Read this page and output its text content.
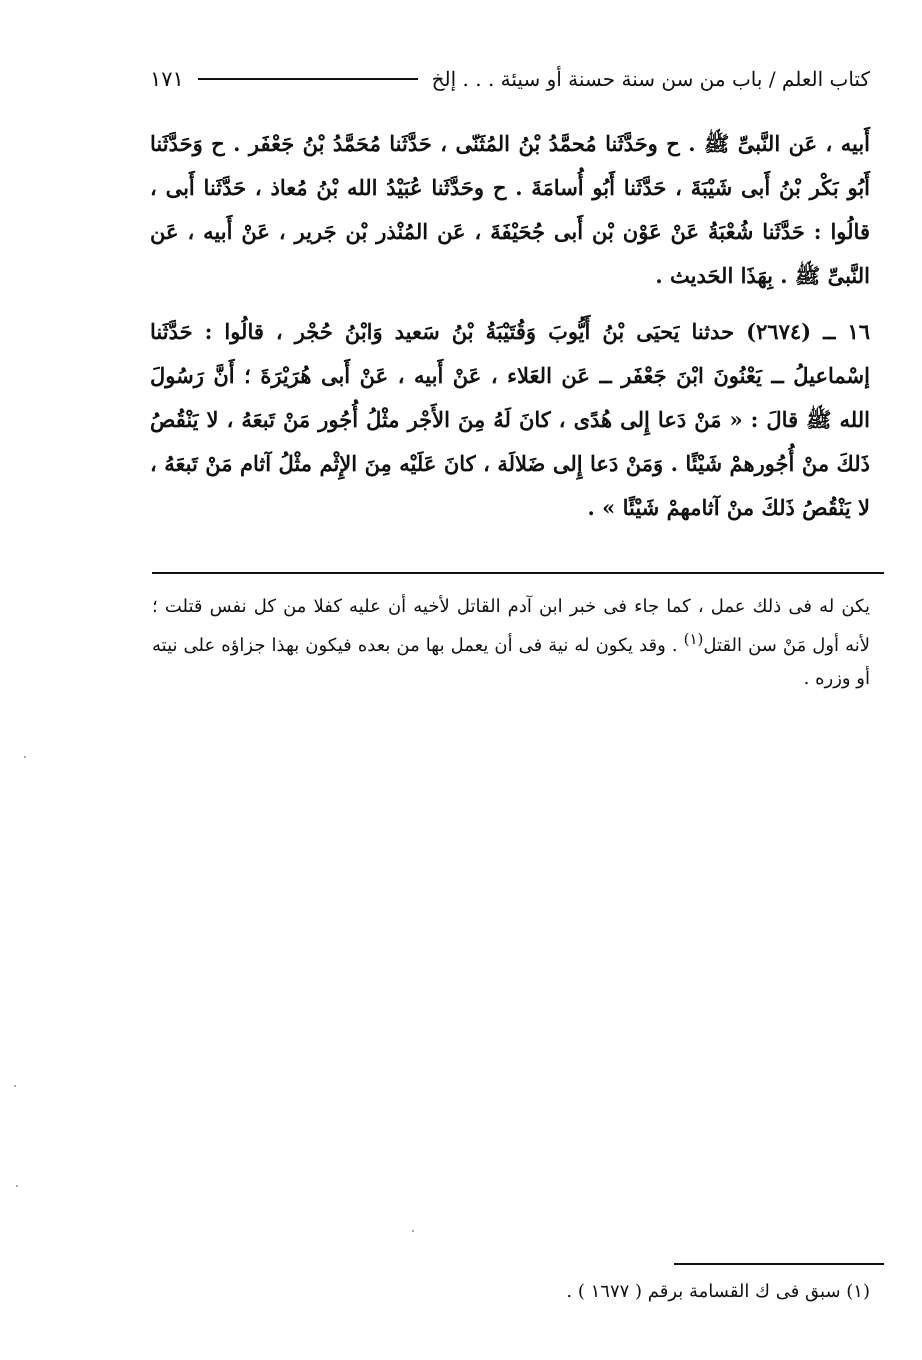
كتاب العلم / باب من سن سنة حسنة أو سيئة . . . إلخ
١٧١

أَبيه ، عَن النَّبىِّ ﷺ . ح وحَدَّثَنا مُحمَّدُ بْنُ المُثَنّى ، حَدَّثَنا مُحَمَّدُ بْنُ جَعْفَر . ح وَحَدَّثَنا أَبُو بَكْر بْنُ أَبى شَيْبَةَ ، حَدَّثَنا أَبُو أُسامَةَ . ح وحَدَّثَنا عُبَيْدُ الله بْنُ مُعاذ ، حَدَّثَنا أَبى ، قالُوا : حَدَّثَنا شُعْبَةُ عَنْ عَوْن بْن أَبى جُحَيْفَةَ ، عَن المُنْذر بْن جَرير ، عَنْ أَبيه ، عَن النَّبىِّ ﷺ . بِهَذَا الحَديث .

١٦ ــ (٢٦٧٤) حدثنا يَحيَى بْنُ أَيُّوبَ وَقُتَيْبَةُ بْنُ سَعيد وَابْنُ حُجْر ، قالُوا : حَدَّثَنا إسْماعيلُ ــ يَعْنُونَ ابْنَ جَعْفَر ــ عَن العَلاء ، عَنْ أَبيه ، عَنْ أَبى هُرَيْرَةَ ؛ أَنَّ رَسُولَ الله ﷺ قالَ : « مَنْ دَعا إِلى هُدًى ، كانَ لَهُ مِنَ الأَجْر مثْلُ أُجُور مَنْ تَبعَهُ ، لا يَنْقُصُ ذَلكَ منْ أُجُورهمْ شَيْئًا . وَمَنْ دَعا إِلى ضَلالَة ، كانَ عَلَيْه مِنَ الإِثْم مثْلُ آثام مَنْ تَبعَهُ ، لا يَنْقُصُ ذَلكَ منْ آثامهمْ شَيْئًا » .

يكن له فى ذلك عمل ، كما جاء فى خبر ابن آدم القاتل لأخيه أن عليه كفلا من كل نفس قتلت ؛ لأنه أول مَنْ سن القتل$^{(١)}$ . وقد يكون له نية فى أن يعمل بها من بعده فيكون بهذا جزاؤه على نيته أو وزره .

(١) سبق فى ك القسامة برقم ( ١٦٧٧ ) .
